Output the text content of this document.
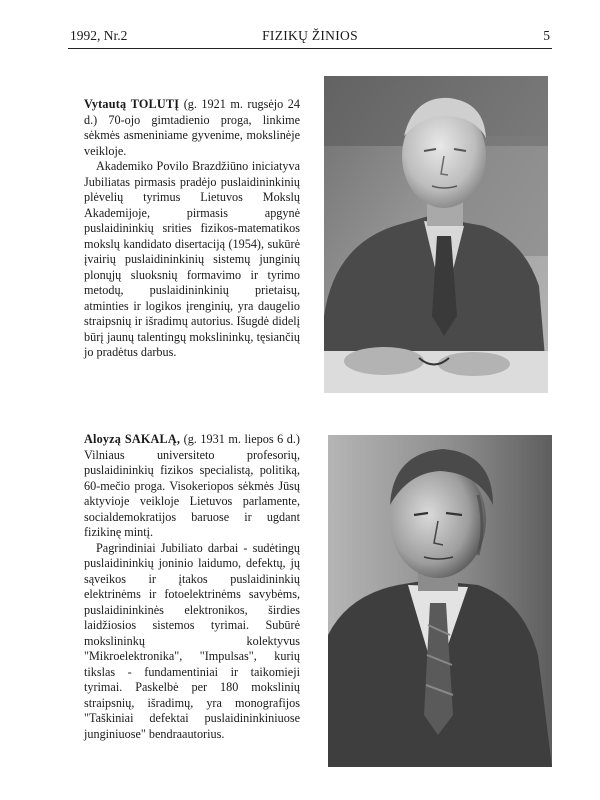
1992, Nr.2	FIZIKŲ ŽINIOS	5

Vytautą TOLUTĮ (g. 1921 m. rugsėjo 24 d.) 70-ojo gimtadienio proga, linkime sėkmės asmeniniame gyvenime, mokslinėje veikloje.

Akademiko Povilo Brazdžiūno iniciatyva Jubiliatas pirmasis pradėjo puslaidininkinių plėvelių tyrimus Lietuvos Mokslų Akademijoje, pirmasis apgynė puslaidininkių srities fizikos-matematikos mokslų kandidato disertaciją (1954), sukūrė įvairių puslaidininkinių sistemų junginių plonųjų sluoksnių formavimo ir tyrimo metodų, puslaidininkinių prietaisų, atminties ir logikos įrenginių, yra daugelio straipsnių ir išradimų autorius. Išugdė didelį būrį jaunų talentingų mokslininkų, tęsiančių jo pradėtus darbus.

Aloyzą SAKALĄ, (g. 1931 m. liepos 6 d.) Vilniaus universiteto profesorių, puslaidininkių fizikos specialistą, politiką, 60-mečio proga. Visokeriopos sėkmės Jūsų aktyvioje veikloje Lietuvos parlamente, socialdemokratijos baruose ir ugdant fizikinę mintį.

Pagrindiniai Jubiliato darbai - sudėtingų puslaidininkių joninio laidumo, defektų, jų sąveikos ir įtakos puslaidininkių elektrinėms ir fotoelektrinėms savybėms, puslaidininkinės elektronikos, širdies laidžiosios sistemos tyrimai. Subūrė mokslininkų kolektyvus "Mikroelektronika", "Impulsas", kurių tikslas - fundamentiniai ir taikomieji tyrimai. Paskelbė per 180 mokslinių straipsnių, išradimų, yra monografijos "Taškiniai defektai puslaidininkiniuose junginiuose" bendraautorius.
